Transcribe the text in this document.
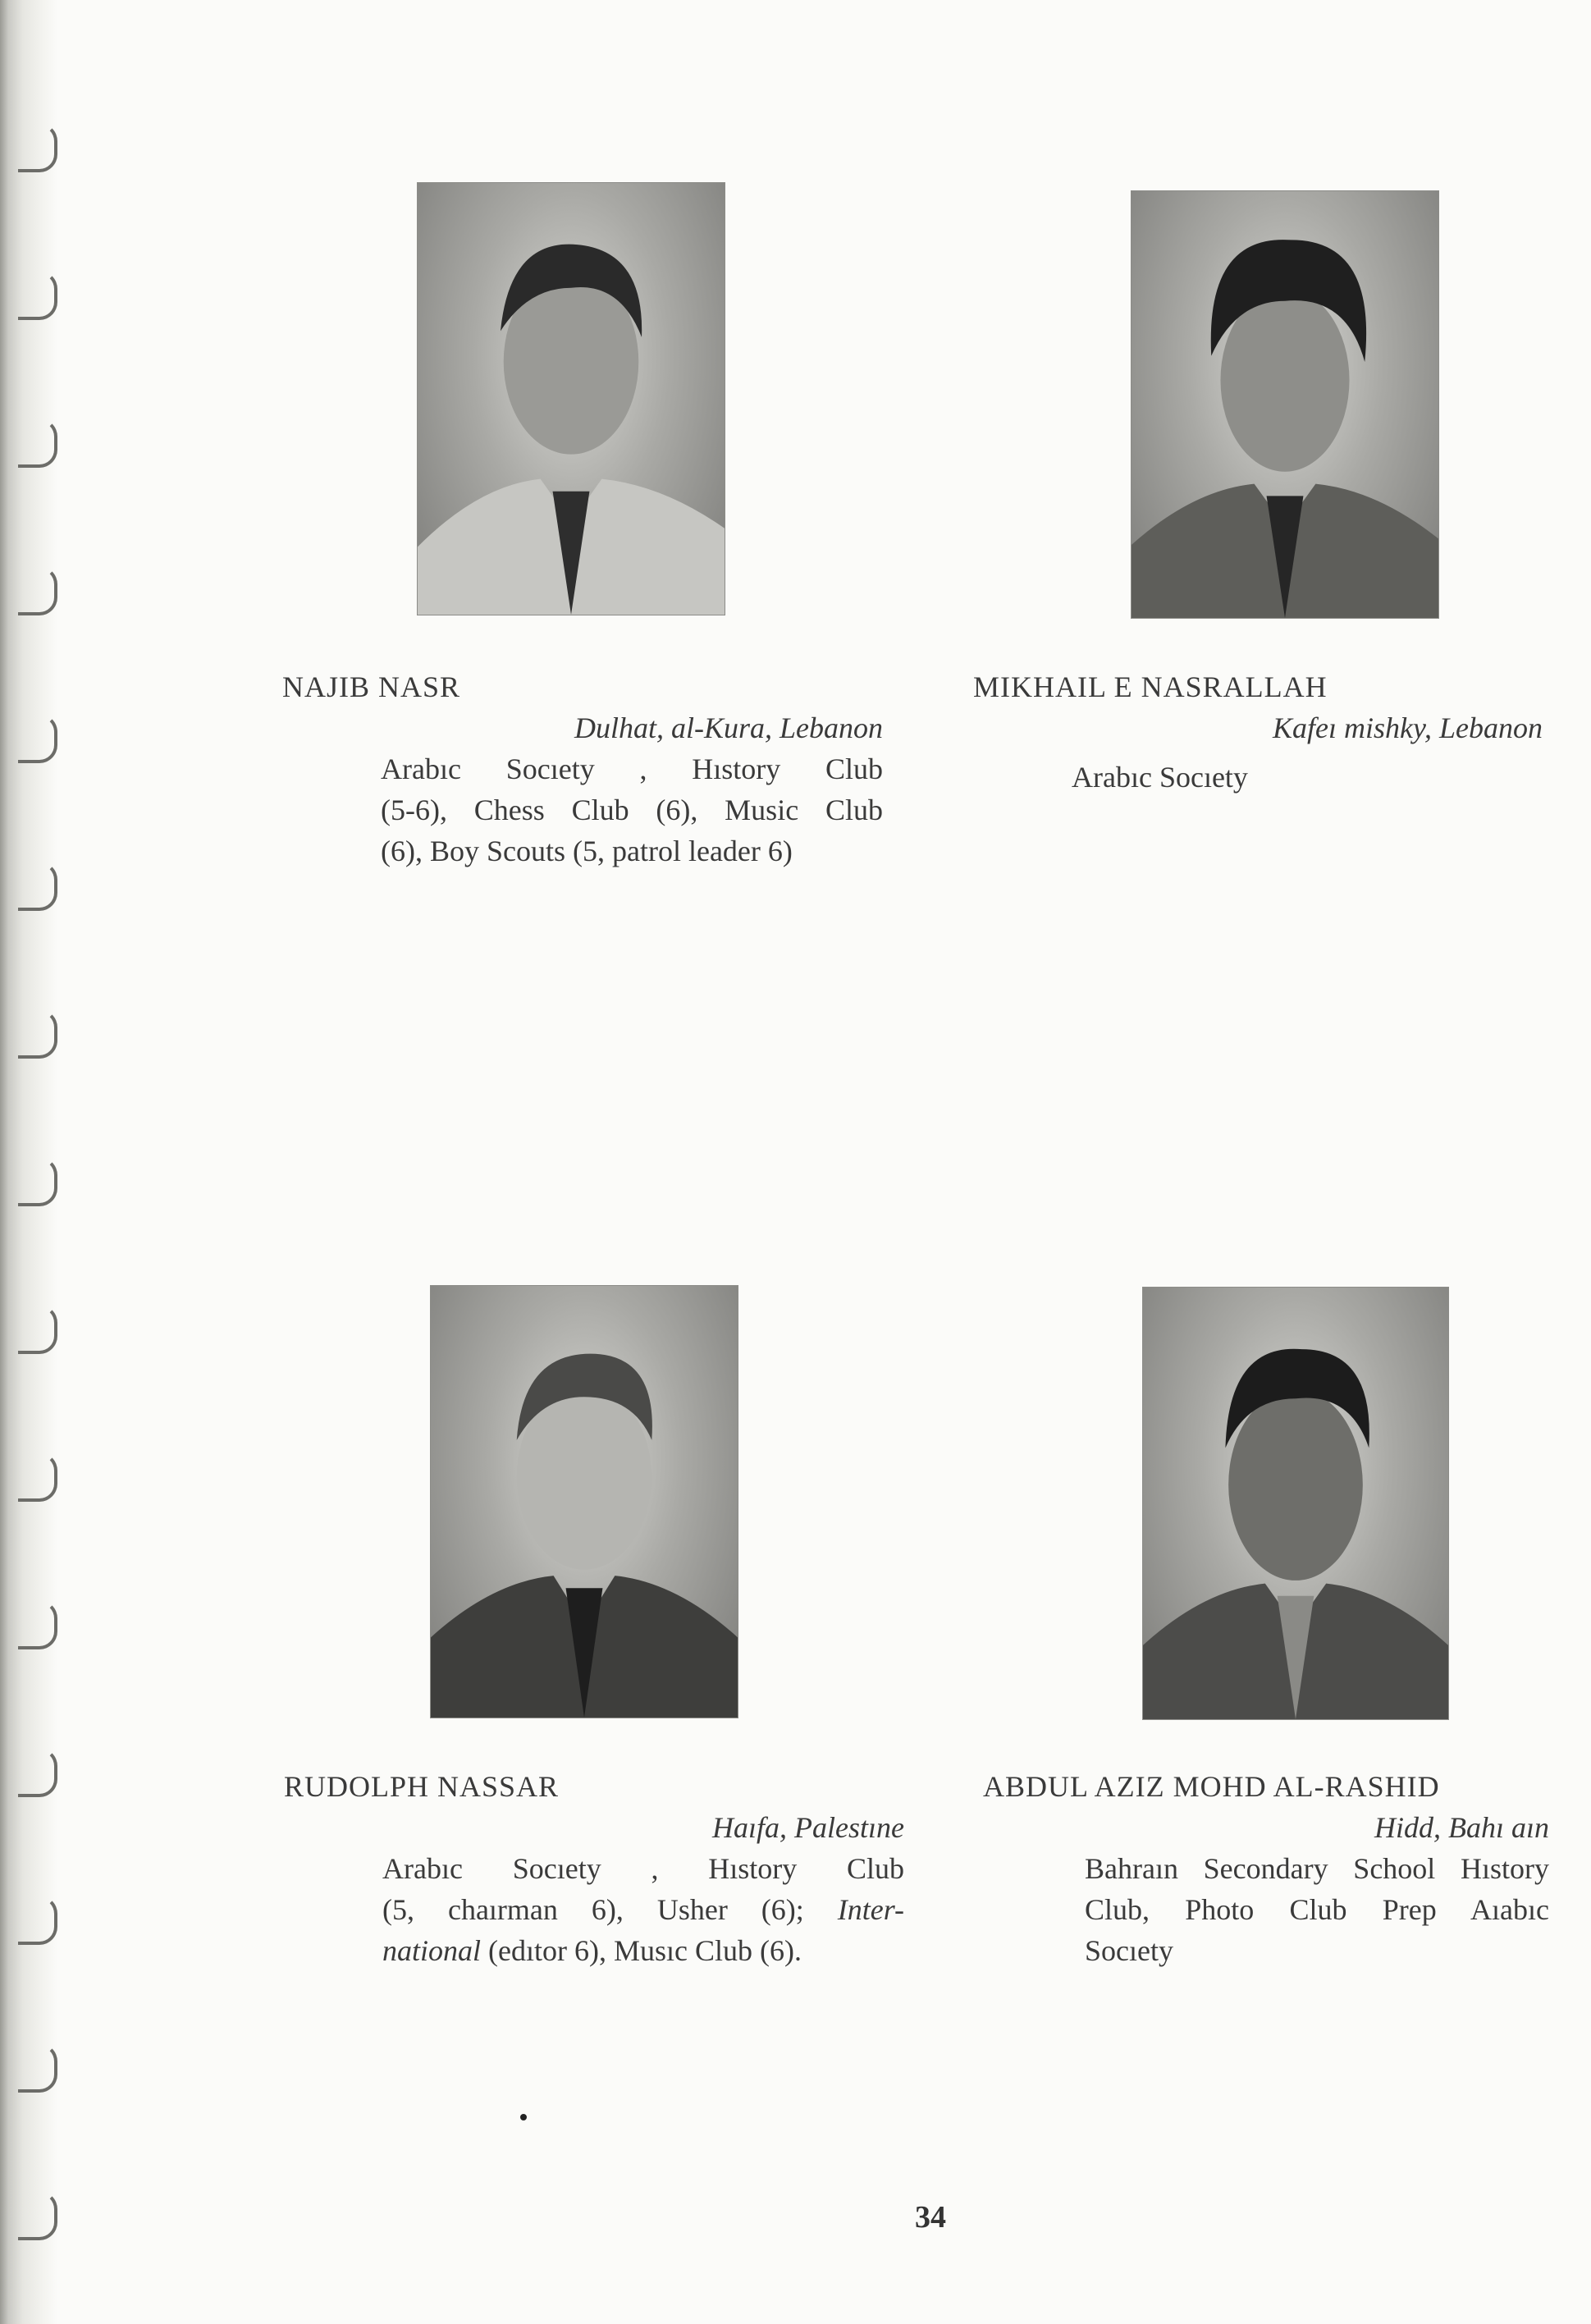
NAJIB NASR
Dulhat, al-Kura, Lebanon
Arabıc Socıety , Hıstory Club
(5-6), Chess Club (6), Music Club
(6), Boy Scouts (5, patrol leader 6)
MIKHAIL E NASRALLAH
Kafeı mishky, Lebanon
Arabıc Socıety
RUDOLPH NASSAR
Haıfa, Palestıne
Arabıc Socıety , Hıstory Club
(5, chaırman 6), Usher (6); Inter-
national (edıtor 6), Musıc Club (6).
ABDUL AZIZ MOHD AL-RASHID
Hidd, Bahı aın
Bahraın Secondary School Hıstory
Club, Photo Club Prep Aıabıc
Socıety
34
